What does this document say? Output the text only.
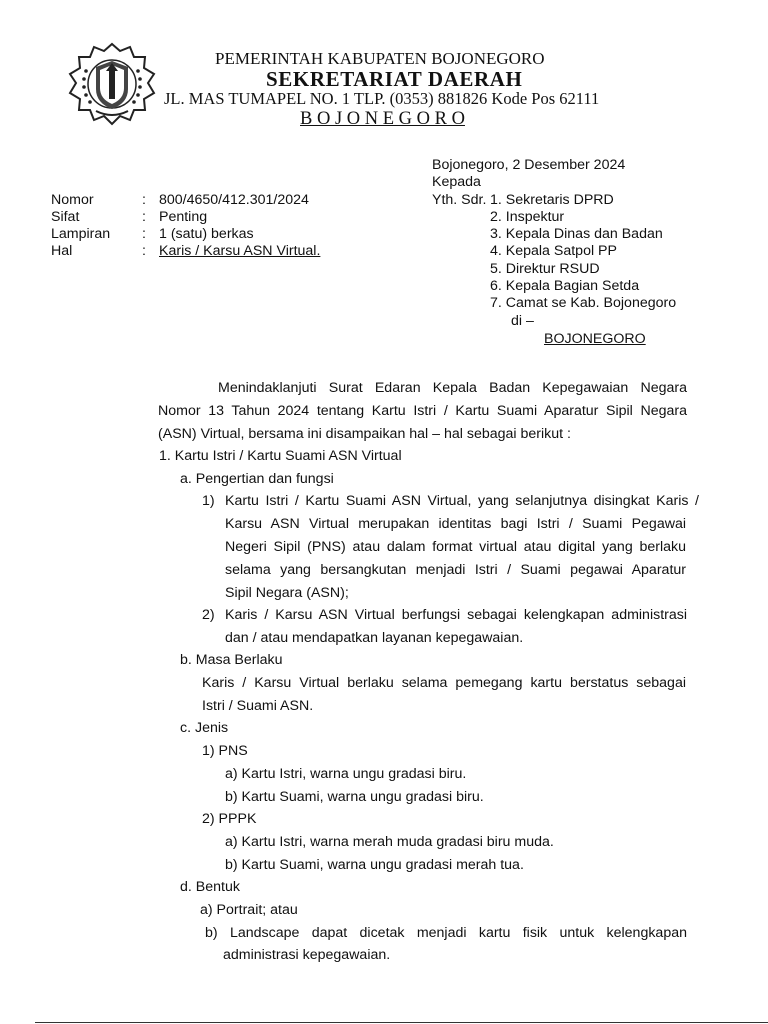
PEMERINTAH KABUPATEN BOJONEGORO
SEKRETARIAT DAERAH
JL. MAS TUMAPEL NO. 1 TLP. (0353) 881826 Kode Pos 62111
B O J O N E G O R O
Bojonegoro, 2 Desember 2024
Kepada
Yth. Sdr. 1. Sekretaris DPRD
2. Inspektur
3. Kepala Dinas dan Badan
4. Kepala Satpol PP
5. Direktur RSUD
6. Kepala Bagian Setda
7. Camat se Kab. Bojonegoro
di –
BOJONEGORO
Nomor	: 800/4650/412.301/2024
Sifat	: Penting
Lampiran : 1 (satu) berkas
Hal	: Karis / Karsu ASN Virtual.
Menindaklanjuti Surat Edaran Kepala Badan Kepegawaian Negara
Nomor 13 Tahun 2024 tentang Kartu Istri / Kartu Suami Aparatur Sipil Negara
(ASN) Virtual, bersama ini disampaikan hal – hal sebagai berikut :
1. Kartu Istri / Kartu Suami ASN Virtual
a. Pengertian dan fungsi
1) Kartu Istri / Kartu Suami ASN Virtual, yang selanjutnya disingkat Karis /
Karsu ASN Virtual merupakan identitas bagi Istri / Suami Pegawai
Negeri Sipil (PNS) atau dalam format virtual atau digital yang berlaku
selama yang bersangkutan menjadi Istri / Suami pegawai Aparatur
Sipil Negara (ASN);
2) Karis / Karsu ASN Virtual berfungsi sebagai kelengkapan administrasi
dan / atau mendapatkan layanan kepegawaian.
b. Masa Berlaku
Karis / Karsu Virtual berlaku selama pemegang kartu berstatus sebagai
Istri / Suami ASN.
c. Jenis
1) PNS
a) Kartu Istri, warna ungu gradasi biru.
b) Kartu Suami, warna ungu gradasi biru.
2) PPPK
a) Kartu Istri, warna merah muda gradasi biru muda.
b) Kartu Suami, warna ungu gradasi merah tua.
d. Bentuk
a) Portrait; atau
b) Landscape dapat dicetak menjadi kartu fisik untuk kelengkapan
administrasi kepegawaian.
